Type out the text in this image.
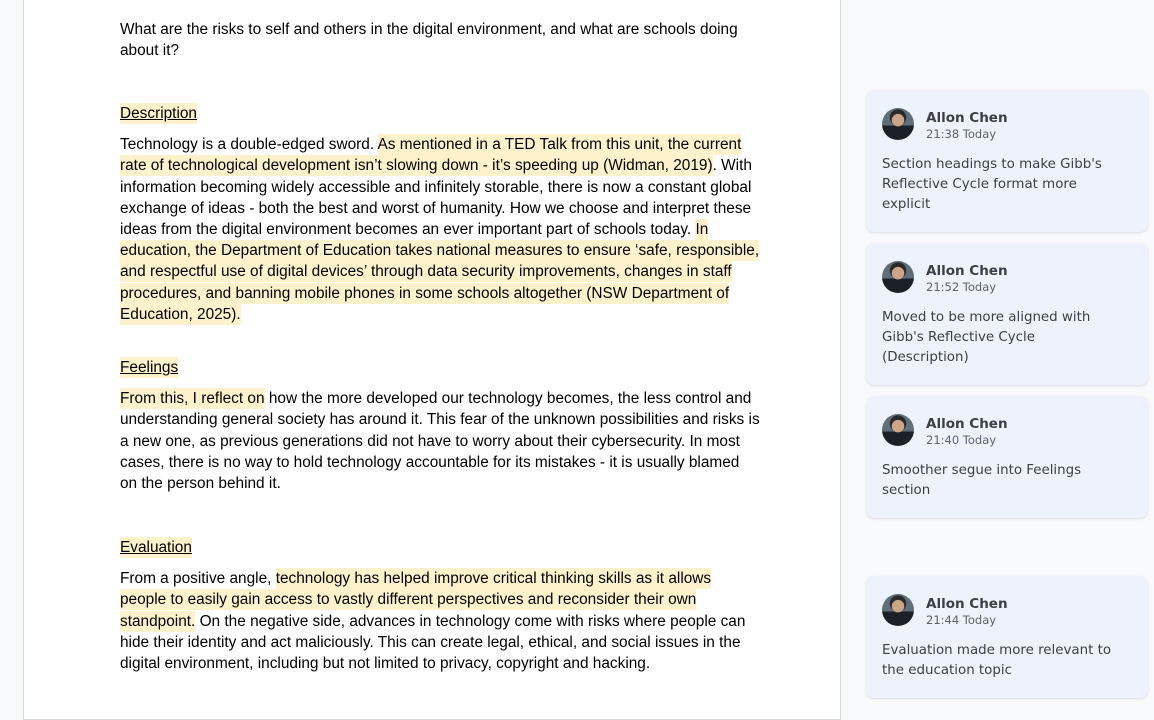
What are the risks to self and others in the digital environment, and what are schools doing about it?

Description

Technology is a double-edged sword. As mentioned in a TED Talk from this unit, the current rate of technological development isn’t slowing down - it’s speeding up (Widman, 2019). With information becoming widely accessible and infinitely storable, there is now a constant global exchange of ideas - both the best and worst of humanity. How we choose and interpret these ideas from the digital environment becomes an ever important part of schools today. In education, the Department of Education takes national measures to ensure ‘safe, responsible, and respectful use of digital devices’ through data security improvements, changes in staff procedures, and banning mobile phones in some schools altogether (NSW Department of Education, 2025).

Feelings

From this, I reflect on how the more developed our technology becomes, the less control and understanding general society has around it. This fear of the unknown possibilities and risks is a new one, as previous generations did not have to worry about their cybersecurity. In most cases, there is no way to hold technology accountable for its mistakes - it is usually blamed on the person behind it.

Evaluation

From a positive angle, technology has helped improve critical thinking skills as it allows people to easily gain access to vastly different perspectives and reconsider their own standpoint. On the negative side, advances in technology come with risks where people can hide their identity and act maliciously. This can create legal, ethical, and social issues in the digital environment, including but not limited to privacy, copyright and hacking.

Allon Chen
21:38 Today
Section headings to make Gibb's Reflective Cycle format more explicit
Allon Chen
21:52 Today
Moved to be more aligned with Gibb's Reflective Cycle (Description)
Allon Chen
21:40 Today
Smoother segue into Feelings section
Allon Chen
21:44 Today
Evaluation made more relevant to the education topic
